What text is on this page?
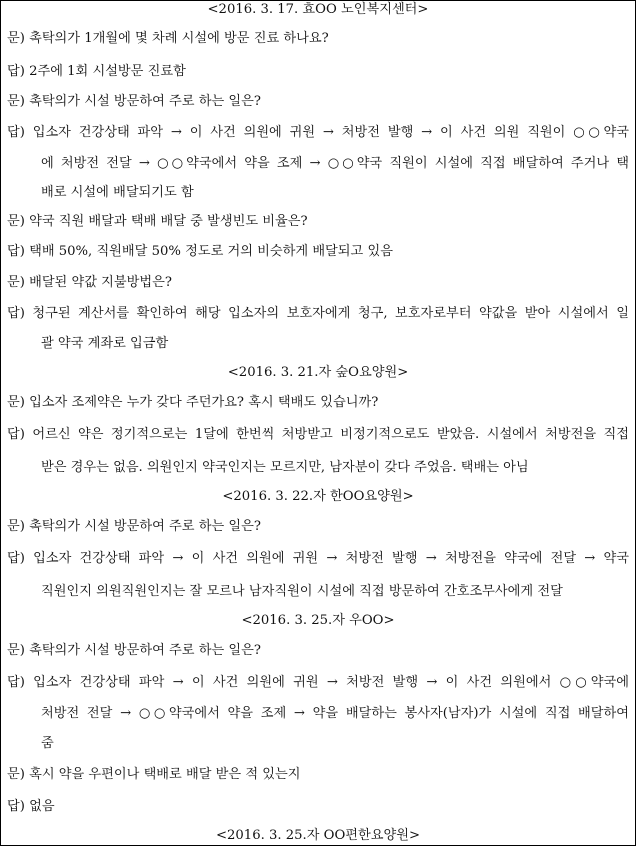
<2016. 3. 17. 효OO 노인복지센터>
문) 촉탁의가 1개월에 몇 차례 시설에 방문 진료 하나요?
답) 2주에 1회 시설방문 진료함
문) 촉탁의가 시설 방문하여 주로 하는 일은?
답) 입소자 건강상태 파악 → 이 사건 의원에 귀원 → 처방전 발행 → 이 사건 의원 직원이 ○○약국
에 처방전 전달 → ○○약국에서 약을 조제 → ○○약국 직원이 시설에 직접 배달하여 주거나 택
배로 시설에 배달되기도 함
문) 약국 직원 배달과 택배 배달 중 발생빈도 비율은?
답) 택배 50%, 직원배달 50% 정도로 거의 비슷하게 배달되고 있음
문) 배달된 약값 지불방법은?
답) 청구된 계산서를 확인하여 해당 입소자의 보호자에게 청구, 보호자로부터 약값을 받아 시설에서 일
괄 약국 계좌로 입금함
<2016. 3. 21.자 숲O요양원>
문) 입소자 조제약은 누가 갖다 주던가요? 혹시 택배도 있습니까?
답) 어르신 약은 정기적으로는 1달에 한번씩 처방받고 비정기적으로도 받았음. 시설에서 처방전을 직접
받은 경우는 없음. 의원인지 약국인지는 모르지만, 남자분이 갖다 주었음. 택배는 아님
<2016. 3. 22.자 한OO요양원>
문) 촉탁의가 시설 방문하여 주로 하는 일은?
답) 입소자 건강상태 파악 → 이 사건 의원에 귀원 → 처방전 발행 → 처방전을 약국에 전달 → 약국
직원인지 의원직원인지는 잘 모르나 남자직원이 시설에 직접 방문하여 간호조무사에게 전달
<2016. 3. 25.자 우OO>
문) 촉탁의가 시설 방문하여 주로 하는 일은?
답) 입소자 건강상태 파악 → 이 사건 의원에 귀원 → 처방전 발행 → 이 사건 의원에서 ○○약국에
처방전 전달 → ○○약국에서 약을 조제 → 약을 배달하는 봉사자(남자)가 시설에 직접 배달하여
줌
문) 혹시 약을 우편이나 택배로 배달 받은 적 있는지
답) 없음
<2016. 3. 25.자 OO편한요양원>
